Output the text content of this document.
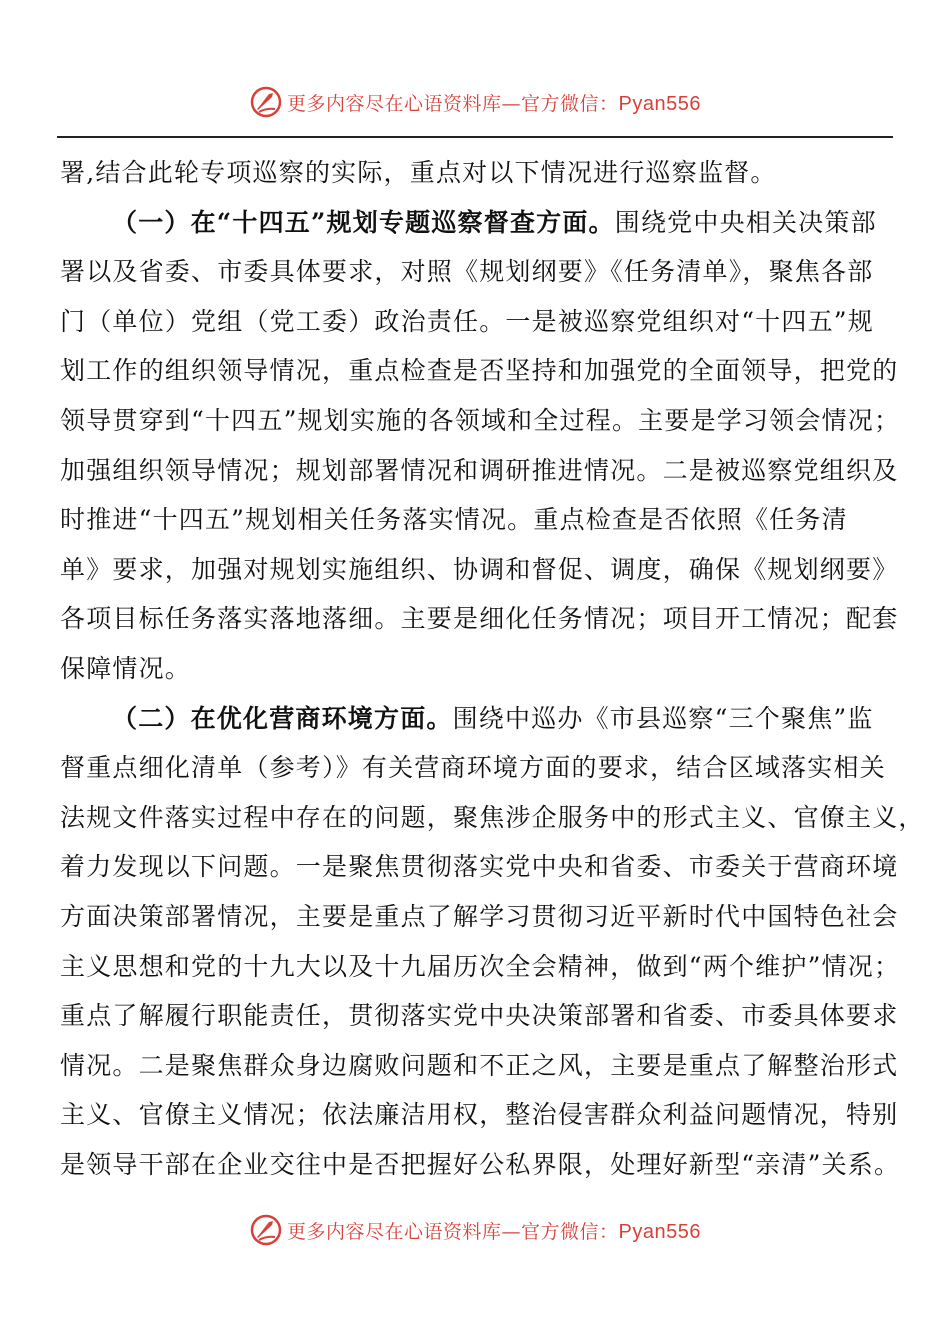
更多内容尽在心语资料库—官方微信：Pyan556

署,结合此轮专项巡察的实际，重点对以下情况进行巡察监督。

（一）在“十四五”规划专题巡察督查方面。围绕党中央相关决策部
署以及省委、市委具体要求，对照《规划纲要》《任务清单》，聚焦各部
门（单位）党组（党工委）政治责任。一是被巡察党组织对“十四五”规
划工作的组织领导情况，重点检查是否坚持和加强党的全面领导，把党的
领导贯穿到“十四五”规划实施的各领域和全过程。主要是学习领会情况；
加强组织领导情况；规划部署情况和调研推进情况。二是被巡察党组织及
时推进“十四五”规划相关任务落实情况。重点检查是否依照《任务清
单》要求，加强对规划实施组织、协调和督促、调度，确保《规划纲要》
各项目标任务落实落地落细。主要是细化任务情况；项目开工情况；配套
保障情况。

（二）在优化营商环境方面。围绕中巡办《市县巡察“三个聚焦”监
督重点细化清单（参考）》有关营商环境方面的要求，结合区域落实相关
法规文件落实过程中存在的问题，聚焦涉企服务中的形式主义、官僚主义，
着力发现以下问题。一是聚焦贯彻落实党中央和省委、市委关于营商环境
方面决策部署情况，主要是重点了解学习贯彻习近平新时代中国特色社会
主义思想和党的十九大以及十九届历次全会精神，做到“两个维护”情况；
重点了解履行职能责任，贯彻落实党中央决策部署和省委、市委具体要求
情况。二是聚焦群众身边腐败问题和不正之风，主要是重点了解整治形式
主义、官僚主义情况；依法廉洁用权，整治侵害群众利益问题情况，特别
是领导干部在企业交往中是否把握好公私界限，处理好新型“亲清”关系。

更多内容尽在心语资料库—官方微信：Pyan556
